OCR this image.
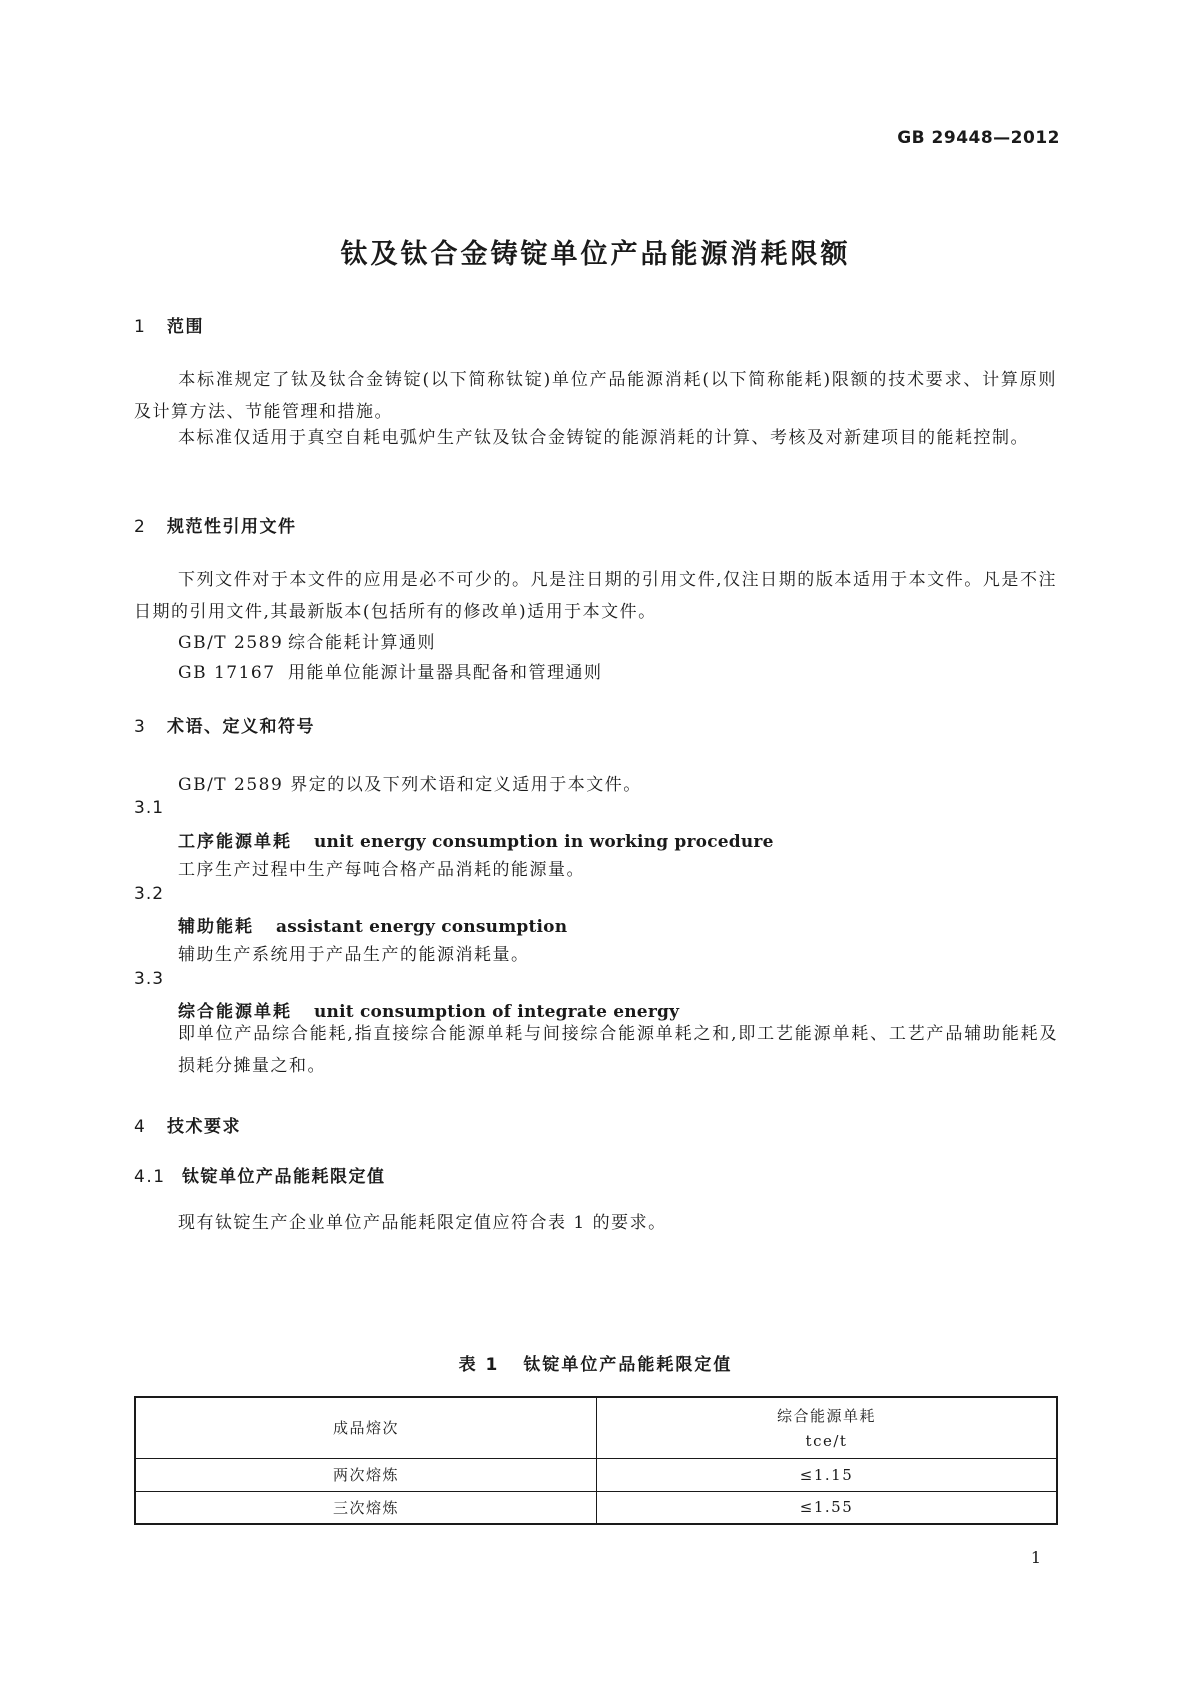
GB 29448—2012
钛及钛合金铸锭单位产品能源消耗限额
1 范围
本标准规定了钛及钛合金铸锭(以下简称钛锭)单位产品能源消耗(以下简称能耗)限额的技术要求、计算原则及计算方法、节能管理和措施。
本标准仅适用于真空自耗电弧炉生产钛及钛合金铸锭的能源消耗的计算、考核及对新建项目的能耗控制。
2 规范性引用文件
下列文件对于本文件的应用是必不可少的。凡是注日期的引用文件,仅注日期的版本适用于本文件。凡是不注日期的引用文件,其最新版本(包括所有的修改单)适用于本文件。
GB/T 2589 综合能耗计算通则
GB 17167 用能单位能源计量器具配备和管理通则
3 术语、定义和符号
GB/T 2589 界定的以及下列术语和定义适用于本文件。
3.1
工序能源单耗 unit energy consumption in working procedure
工序生产过程中生产每吨合格产品消耗的能源量。
3.2
辅助能耗 assistant energy consumption
辅助生产系统用于产品生产的能源消耗量。
3.3
综合能源单耗 unit consumption of integrate energy
即单位产品综合能耗,指直接综合能源单耗与间接综合能源单耗之和,即工艺能源单耗、工艺产品辅助能耗及损耗分摊量之和。
4 技术要求
4.1 钛锭单位产品能耗限定值
现有钛锭生产企业单位产品能耗限定值应符合表 1 的要求。
表 1 钛锭单位产品能耗限定值
成品熔次	综合能源单耗
tce/t

两次熔炼	≤1.15
三次熔炼	≤1.55
1
